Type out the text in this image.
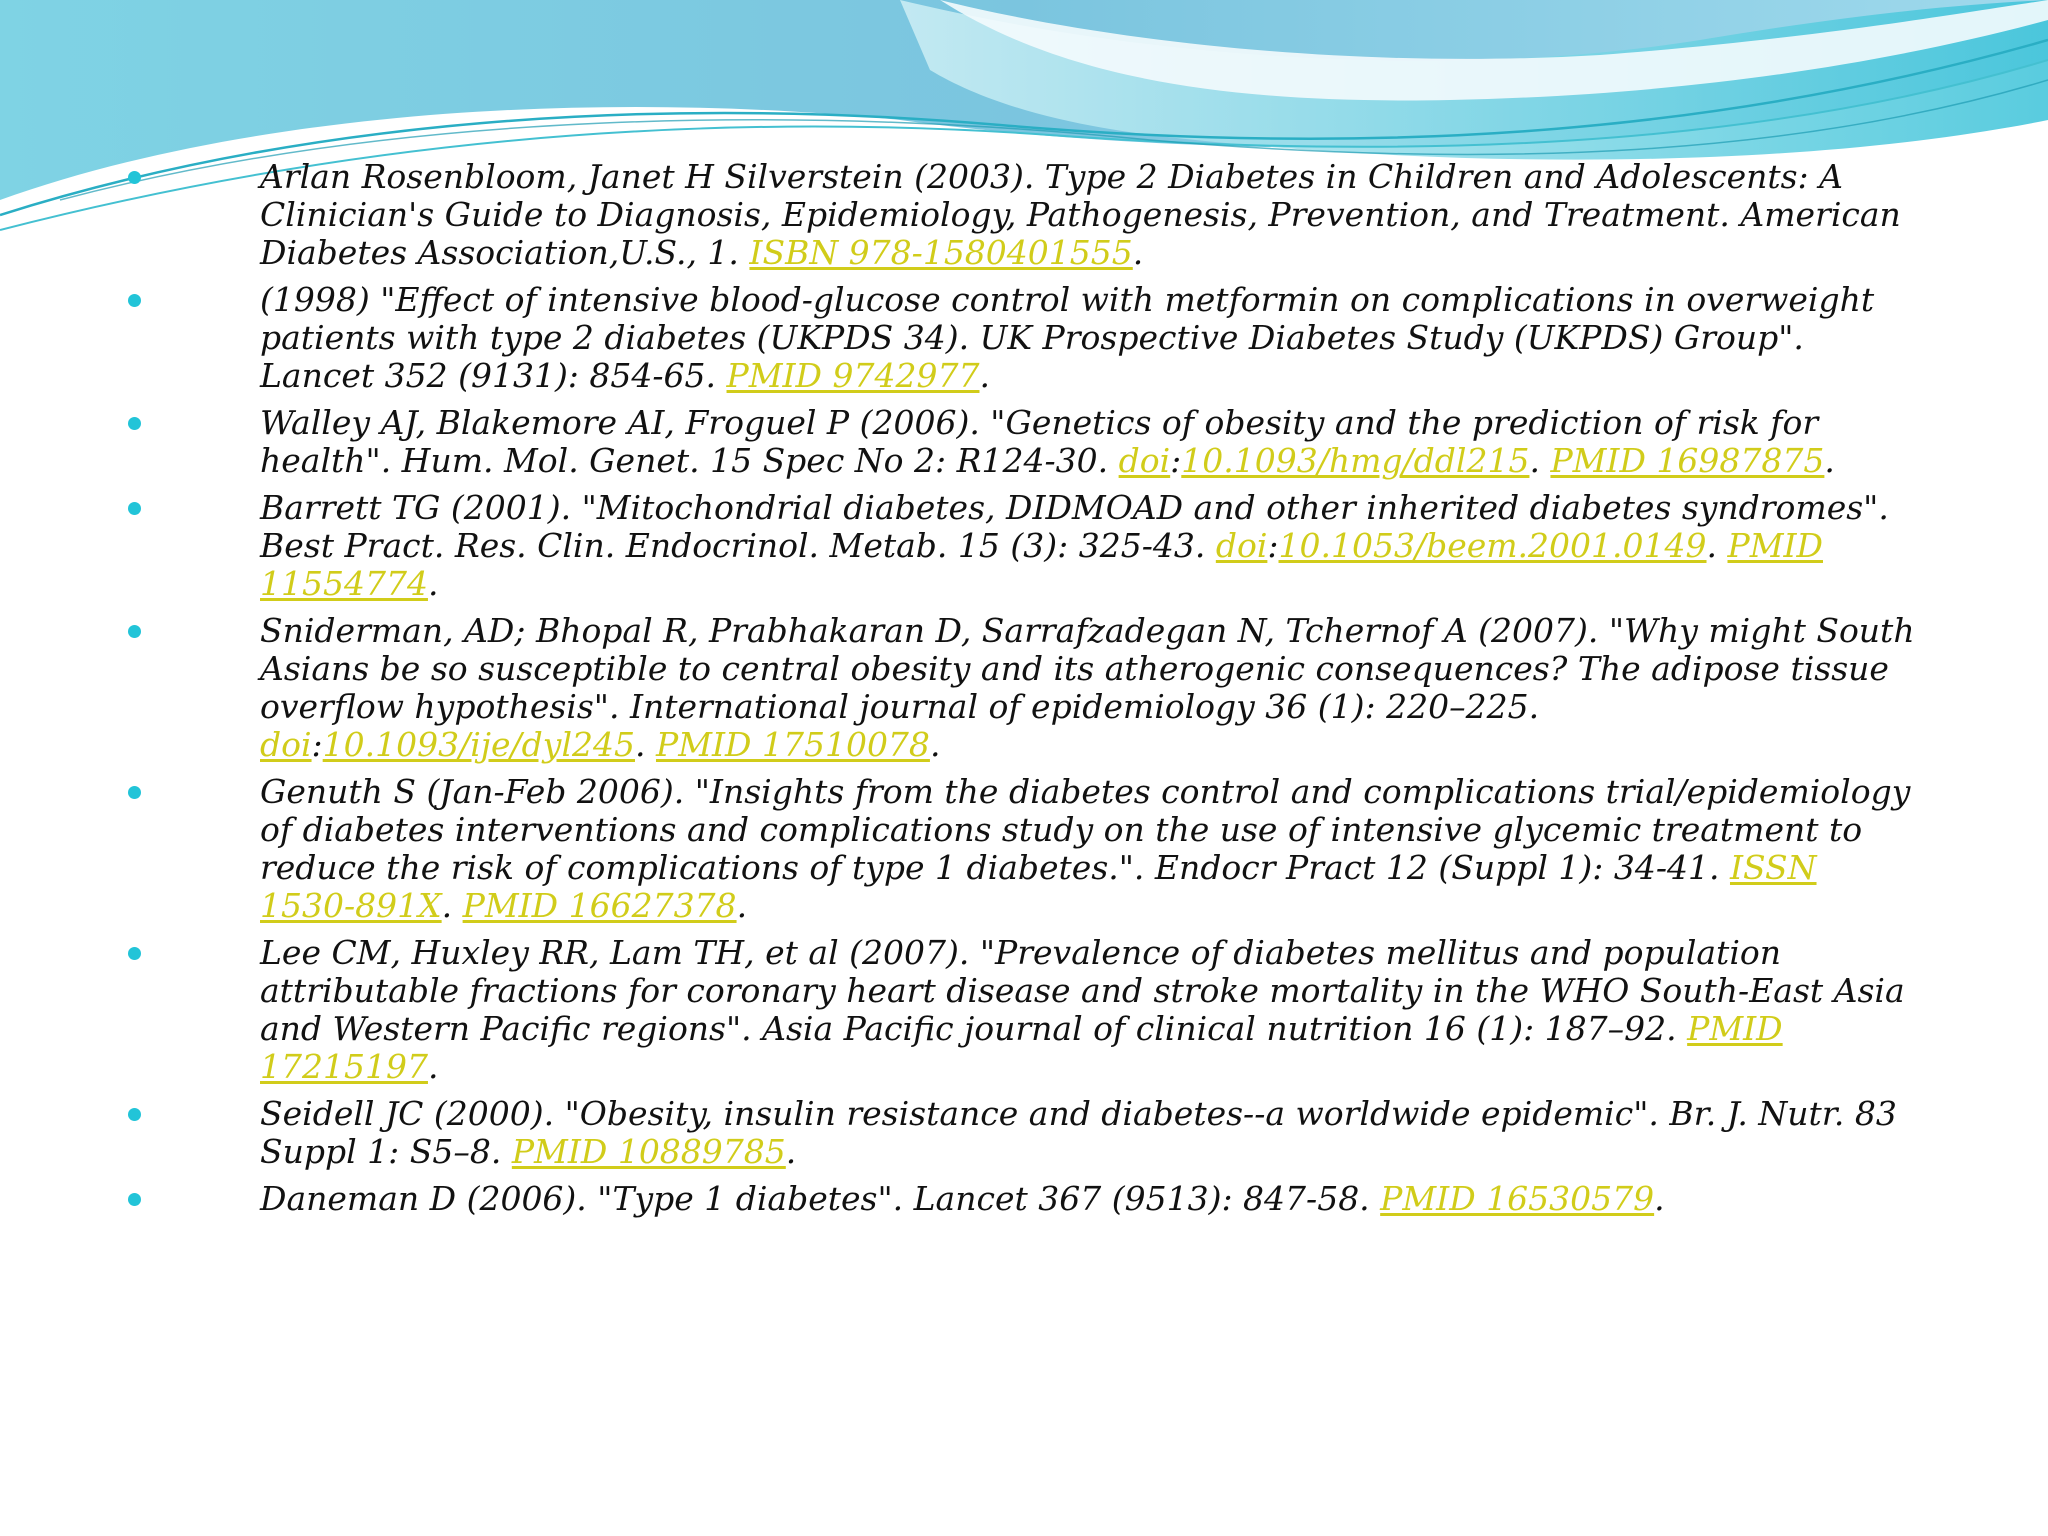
Arlan Rosenbloom, Janet H Silverstein (2003). Type 2 Diabetes in Children and Adolescents: A Clinician's Guide to Diagnosis, Epidemiology, Pathogenesis, Prevention, and Treatment. American Diabetes Association,U.S., 1. ISBN 978-1580401555.
(1998) "Effect of intensive blood-glucose control with metformin on complications in overweight patients with type 2 diabetes (UKPDS 34). UK Prospective Diabetes Study (UKPDS) Group". Lancet 352 (9131): 854-65. PMID 9742977.
Walley AJ, Blakemore AI, Froguel P (2006). "Genetics of obesity and the prediction of risk for health". Hum. Mol. Genet. 15 Spec No 2: R124-30. doi:10.1093/hmg/ddl215. PMID 16987875.
Barrett TG (2001). "Mitochondrial diabetes, DIDMOAD and other inherited diabetes syndromes". Best Pract. Res. Clin. Endocrinol. Metab. 15 (3): 325-43. doi:10.1053/beem.2001.0149. PMID 11554774.
Sniderman, AD; Bhopal R, Prabhakaran D, Sarrafzadegan N, Tchernof A (2007). "Why might South Asians be so susceptible to central obesity and its atherogenic consequences? The adipose tissue overflow hypothesis". International journal of epidemiology 36 (1): 220–225. doi:10.1093/ije/dyl245. PMID 17510078.
Genuth S (Jan-Feb 2006). "Insights from the diabetes control and complications trial/epidemiology of diabetes interventions and complications study on the use of intensive glycemic treatment to reduce the risk of complications of type 1 diabetes.". Endocr Pract 12 (Suppl 1): 34-41. ISSN 1530-891X. PMID 16627378.
Lee CM, Huxley RR, Lam TH, et al (2007). "Prevalence of diabetes mellitus and population attributable fractions for coronary heart disease and stroke mortality in the WHO South-East Asia and Western Pacific regions". Asia Pacific journal of clinical nutrition 16 (1): 187–92. PMID 17215197.
Seidell JC (2000). "Obesity, insulin resistance and diabetes--a worldwide epidemic". Br. J. Nutr. 83 Suppl 1: S5–8. PMID 10889785.
Daneman D (2006). "Type 1 diabetes". Lancet 367 (9513): 847-58. PMID 16530579.
